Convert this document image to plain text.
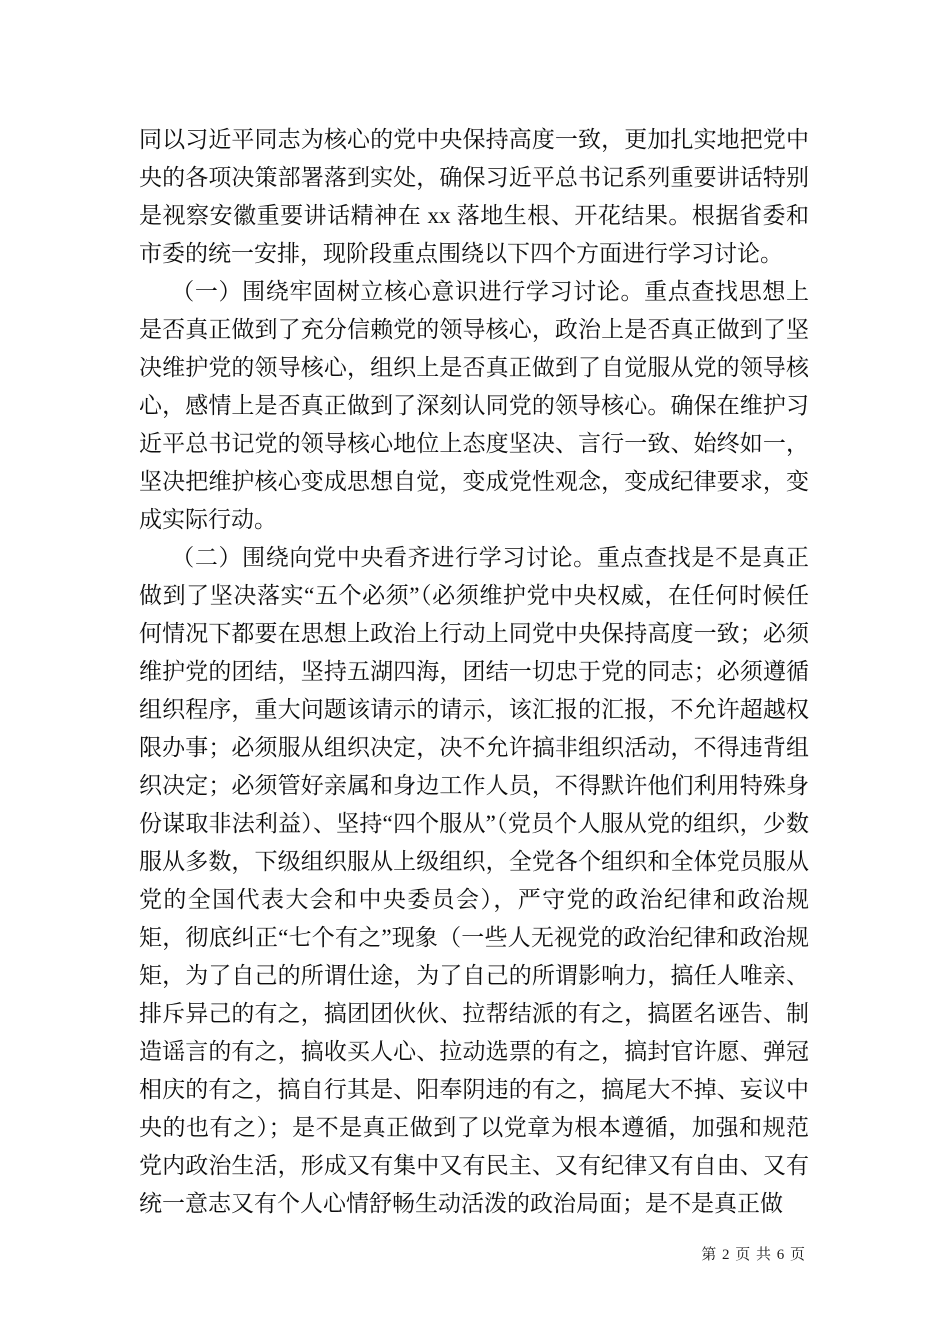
同以习近平同志为核心的党中央保持高度一致，更加扎实地把党中央的各项决策部署落到实处，确保习近平总书记系列重要讲话特别是视察安徽重要讲话精神在 xx 落地生根、开花结果。根据省委和市委的统一安排，现阶段重点围绕以下四个方面进行学习讨论。

（一）围绕牢固树立核心意识进行学习讨论。重点查找思想上是否真正做到了充分信赖党的领导核心，政治上是否真正做到了坚决维护党的领导核心，组织上是否真正做到了自觉服从党的领导核心，感情上是否真正做到了深刻认同党的领导核心。确保在维护习近平总书记党的领导核心地位上态度坚决、言行一致、始终如一，坚决把维护核心变成思想自觉，变成党性观念，变成纪律要求，变成实际行动。

（二）围绕向党中央看齐进行学习讨论。重点查找是不是真正做到了坚决落实“五个必须”（必须维护党中央权威，在任何时候任何情况下都要在思想上政治上行动上同党中央保持高度一致；必须维护党的团结，坚持五湖四海，团结一切忠于党的同志；必须遵循组织程序，重大问题该请示的请示，该汇报的汇报，不允许超越权限办事；必须服从组织决定，决不允许搞非组织活动，不得违背组织决定；必须管好亲属和身边工作人员，不得默许他们利用特殊身份谋取非法利益）、坚持“四个服从”（党员个人服从党的组织，少数服从多数，下级组织服从上级组织，全党各个组织和全体党员服从党的全国代表大会和中央委员会），严守党的政治纪律和政治规矩，彻底纠正“七个有之”现象（一些人无视党的政治纪律和政治规矩，为了自己的所谓仕途，为了自己的所谓影响力，搞任人唯亲、排斥异己的有之，搞团团伙伙、拉帮结派的有之，搞匿名诬告、制造谣言的有之，搞收买人心、拉动选票的有之，搞封官许愿、弹冠相庆的有之，搞自行其是、阳奉阴违的有之，搞尾大不掉、妄议中央的也有之）；是不是真正做到了以党章为根本遵循，加强和规范党内政治生活，形成又有集中又有民主、又有纪律又有自由、又有统一意志又有个人心情舒畅生动活泼的政治局面；是不是真正做

第 2 页 共 6 页
